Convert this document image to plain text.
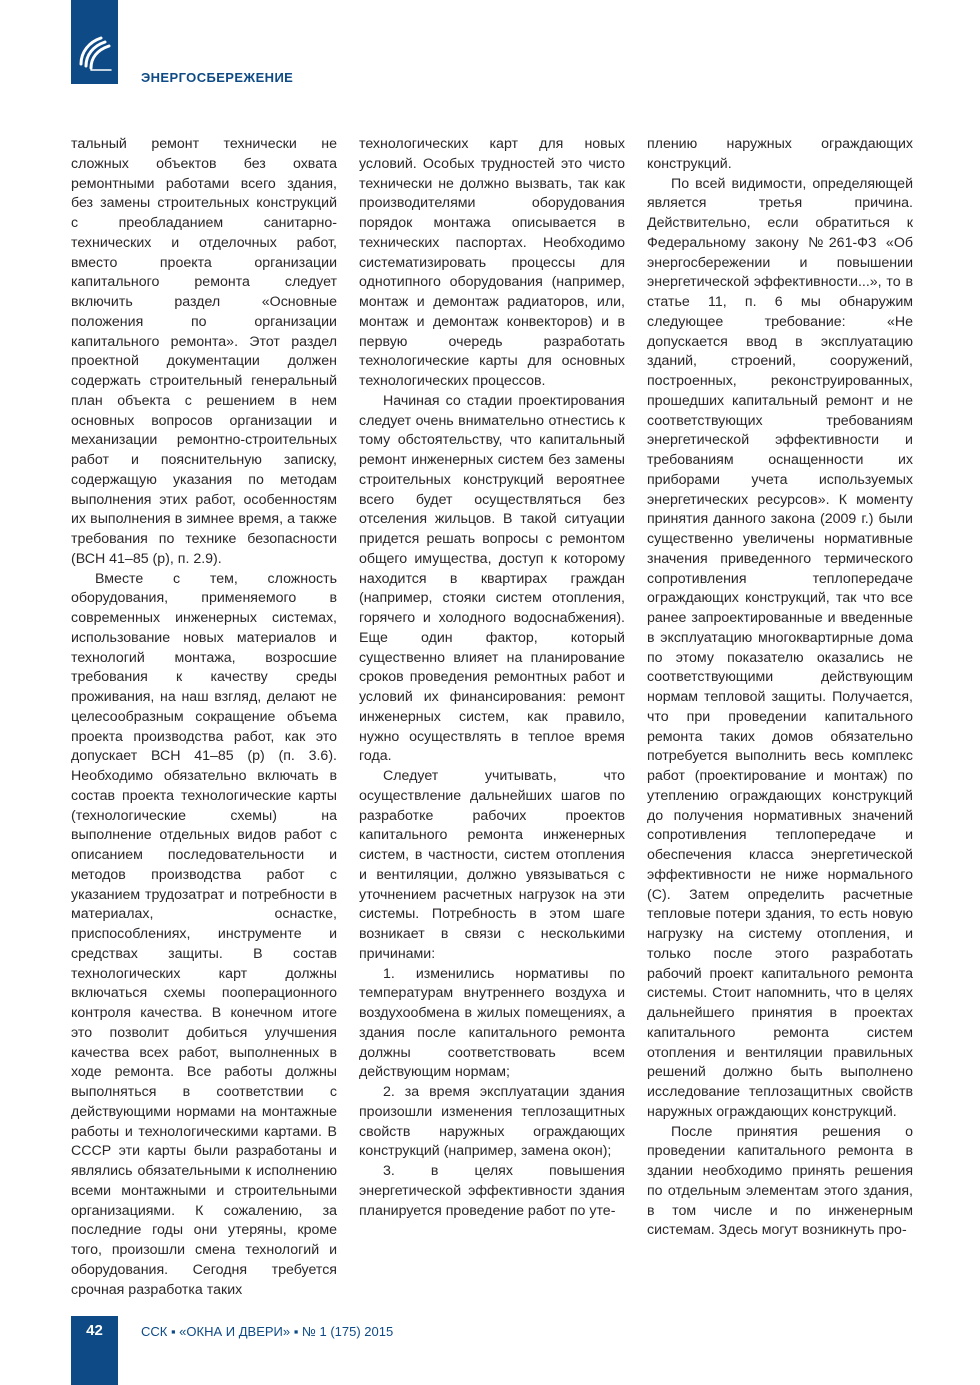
ЭНЕРГОСБЕРЕЖЕНИЕ

тальный ремонт технически не сложных объектов без охвата ремонтными работами всего здания, без замены строительных конструкций с преобладанием санитарно-технических и отделочных работ, вместо проекта организации капитального ремонта следует включить раздел «Основные положения по организации капитального ремонта». Этот раздел проектной документации должен содержать строительный генеральный план объекта с решением в нем основных вопросов организации и механизации ремонтно-строительных работ и пояснительную записку, содержащую указания по методам выполнения этих работ, особенностям их выполнения в зимнее время, а также требования по технике безопасности (ВСН 41–85 (р), п. 2.9).

Вместе с тем, сложность оборудования, применяемого в современных инженерных системах, использование новых материалов и технологий монтажа, возросшие требования к качеству среды проживания, на наш взгляд, делают не целесообразным сокращение объема проекта производства работ, как это допускает ВСН 41–85 (р) (п. 3.6). Необходимо обязательно включать в состав проекта технологические карты (технологические схемы) на выполнение отдельных видов работ с описанием последовательности и методов производства работ с указанием трудозатрат и потребности в материалах, оснастке, приспособлениях, инструменте и средствах защиты. В состав технологических карт должны включаться схемы пооперационного контроля качества. В конечном итоге это позволит добиться улучшения качества всех работ, выполненных в ходе ремонта. Все работы должны выполняться в соответствии с действующими нормами на монтажные работы и технологическими картами. В СССР эти карты были разработаны и являлись обязательными к исполнению всеми монтажными и строительными организациями. К сожалению, за последние годы они утеряны, кроме того, произошли смена технологий и оборудования. Сегодня требуется срочная разработка таких

технологических карт для новых условий. Особых трудностей это чисто технически не должно вызвать, так как производителями оборудования порядок монтажа описывается в технических паспортах. Необходимо систематизировать процессы для однотипного оборудования (например, монтаж и демонтаж радиаторов, или, монтаж и демонтаж конвекторов) и в первую очередь разработать технологические карты для основных технологических процессов.

Начиная со стадии проектирования следует очень внимательно отнестись к тому обстоятельству, что капитальный ремонт инженерных систем без замены строительных конструкций вероятнее всего будет осуществляться без отселения жильцов. В такой ситуации придется решать вопросы с ремонтом общего имущества, доступ к которому находится в квартирах граждан (например, стояки систем отопления, горячего и холодного водоснабжения). Еще один фактор, который существенно влияет на планирование сроков проведения ремонтных работ и условий их финансирования: ремонт инженерных систем, как правило, нужно осуществлять в теплое время года.

Следует учитывать, что осуществление дальнейших шагов по разработке рабочих проектов капитального ремонта инженерных систем, в частности, систем отопления и вентиляции, должно увязываться с уточнением расчетных нагрузок на эти системы. Потребность в этом шаге возникает в связи с несколькими причинами:

1. изменились нормативы по температурам внутреннего воздуха и воздухообмена в жилых помещениях, а здания после капитального ремонта должны соответствовать всем действующим нормам;

2. за время эксплуатации здания произошли изменения теплозащитных свойств наружных ограждающих конструкций (например, замена окон);

3. в целях повышения энергетической эффективности здания планируется проведение работ по уте-

плению наружных ограждающих конструкций.

По всей видимости, определяющей является третья причина. Действительно, если обратиться к Федеральному закону №261-ФЗ «Об энергосбережении и повышении энергетической эффективности...», то в статье 11, п. 6 мы обнаружим следующее требование: «Не допускается ввод в эксплуатацию зданий, строений, сооружений, построенных, реконструированных, прошедших капитальный ремонт и не соответствующих требованиям энергетической эффективности и требованиям оснащенности их приборами учета используемых энергетических ресурсов». К моменту принятия данного закона (2009 г.) были существенно увеличены нормативные значения приведенного термического сопротивления теплопередаче ограждающих конструкций, так что все ранее запроектированные и введенные в эксплуатацию многоквартирные дома по этому показателю оказались не соответствующими действующим нормам тепловой защиты. Получается, что при проведении капитального ремонта таких домов обязательно потребуется выполнить весь комплекс работ (проектирование и монтаж) по утеплению ограждающих конструкций до получения нормативных значений сопротивления теплопередаче и обеспечения класса энергетической эффективности не ниже нормального (С). Затем определить расчетные тепловые потери здания, то есть новую нагрузку на систему отопления, и только после этого разработать рабочий проект капитального ремонта системы. Стоит напомнить, что в целях дальнейшего принятия в проектах капитального ремонта систем отопления и вентиляции правильных решений должно быть выполнено исследование теплозащитных свойств наружных ограждающих конструкций.

После принятия решения о проведении капитального ремонта в здании необходимо принять решения по отдельным элементам этого здания, в том числе и по инженерным системам. Здесь могут возникнуть про-

42	ССК ▪ «ОКНА И ДВЕРИ» ▪ № 1 (175) 2015
